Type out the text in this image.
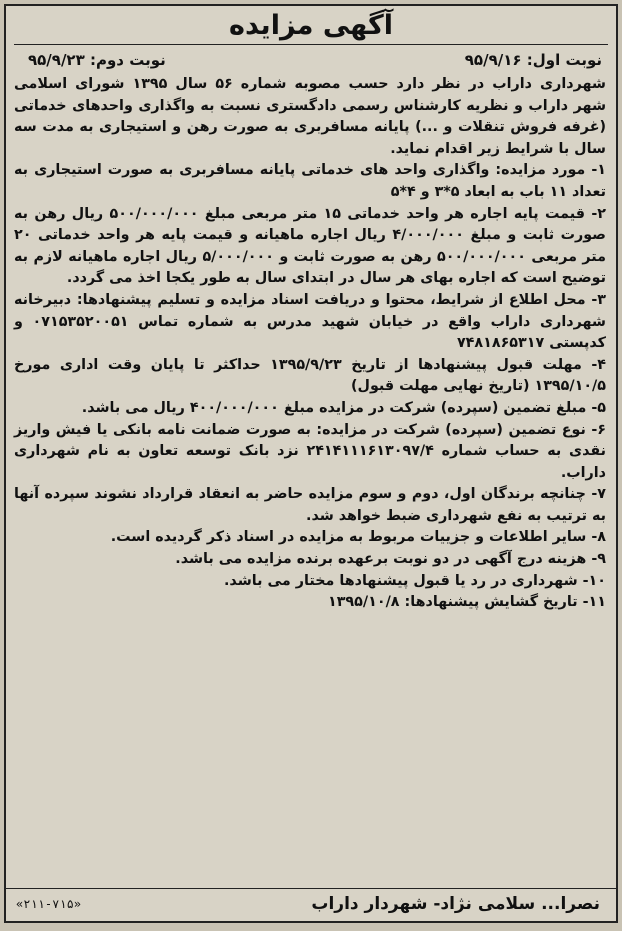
آگهی مزایده
نوبت اول: ۹۵/۹/۱۶
نوبت دوم: ۹۵/۹/۲۳

شهرداری داراب در نظر دارد حسب مصوبه شماره ۵۶ سال ۱۳۹۵ شورای اسلامی شهر داراب و نظریه کارشناس رسمی دادگستری نسبت به واگذاری واحدهای خدماتی (غرفه فروش تنقلات و ...) پایانه مسافربری به صورت رهن و استیجاری به مدت سه سال با شرایط زیر اقدام نماید.

۱- مورد مزایده: واگذاری واحد های خدماتی پایانه مسافربری به صورت استیجاری به تعداد ۱۱ باب به ابعاد ۵*۳ و ۴*۵

۲- قیمت پایه اجاره هر واحد خدماتی ۱۵ متر مربعی مبلغ ۵۰۰/۰۰۰/۰۰۰ ریال رهن به صورت ثابت و مبلغ ۴/۰۰۰/۰۰۰ ریال اجاره ماهیانه و قیمت پایه هر واحد خدماتی ۲۰ متر مربعی ۵۰۰/۰۰۰/۰۰۰ رهن به صورت ثابت و ۵/۰۰۰/۰۰۰ ریال اجاره ماهیانه لازم به توضیح است که اجاره بهای هر سال در ابتدای سال به طور یکجا اخذ می گردد.

۳- محل اطلاع از شرایط، محتوا و دریافت اسناد مزایده و تسلیم پیشنهادها: دبیرخانه شهرداری داراب واقع در خیابان شهید مدرس به شماره تماس ۰۷۱۵۳۵۲۰۰۵۱ و کدپستی ۷۴۸۱۸۶۵۳۱۷

۴- مهلت قبول پیشنهادها از تاریخ ۱۳۹۵/۹/۲۳ حداکثر تا پایان وقت اداری مورخ ۱۳۹۵/۱۰/۵ (تاریخ نهایی مهلت قبول)

۵- مبلغ تضمین (سپرده) شرکت در مزایده مبلغ ۴۰۰/۰۰۰/۰۰۰ ریال می باشد.

۶- نوع تضمین (سپرده) شرکت در مزایده: به صورت ضمانت نامه بانکی یا فیش واریز نقدی به حساب شماره ۲۴۱۴۱۱۱۶۱۳۰۹۷/۴ نزد بانک توسعه تعاون به نام شهرداری داراب.

۷- چنانچه برندگان اول، دوم و سوم مزایده حاضر به انعقاد قرارداد نشوند سپرده آنها به ترتیب به نفع شهرداری ضبط خواهد شد.

۸- سایر اطلاعات و جزییات مربوط به مزایده در اسناد ذکر گردیده است.

۹- هزینه درج آگهی در دو نوبت برعهده برنده مزایده می باشد.

۱۰- شهرداری در رد یا قبول پیشنهادها مختار می باشد.

۱۱- تاریخ گشایش پیشنهادها: ۱۳۹۵/۱۰/۸

نصرا... سلامی نژاد- شهردار داراب
«۲۱۱-۷۱۵»
